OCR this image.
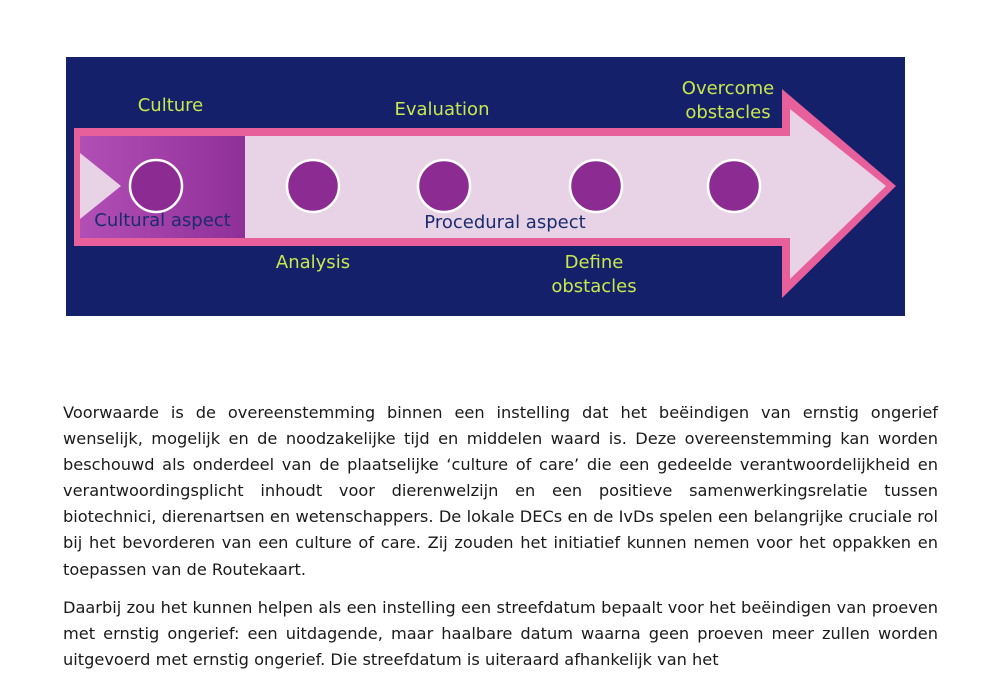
Culture	Evaluation
Overcome
obstacles
Cultural aspect	Procedural aspect
Analysis	Define
obstacles

Voorwaarde is de overeenstemming binnen een instelling dat het beëindigen van ernstig ongerief wenselijk, mogelijk en de noodzakelijke tijd en middelen waard is. Deze overeenstemming kan worden beschouwd als onderdeel van de plaatselijke ‘culture of care’ die een gedeelde verantwoordelijkheid en verantwoordingsplicht inhoudt voor dierenwelzijn en een positieve samenwerkingsrelatie tussen biotechnici, dierenartsen en wetenschappers. De lokale DECs en de IvDs spelen een belangrijke cruciale rol bij het bevorderen van een culture of care. Zij zouden het initiatief kunnen nemen voor het oppakken en toepassen van de Routekaart.

Daarbij zou het kunnen helpen als een instelling een streefdatum bepaalt voor het beëindigen van proeven met ernstig ongerief: een uitdagende, maar haalbare datum waarna geen proeven meer zullen worden uitgevoerd met ernstig ongerief. Die streefdatum is uiteraard afhankelijk van het
